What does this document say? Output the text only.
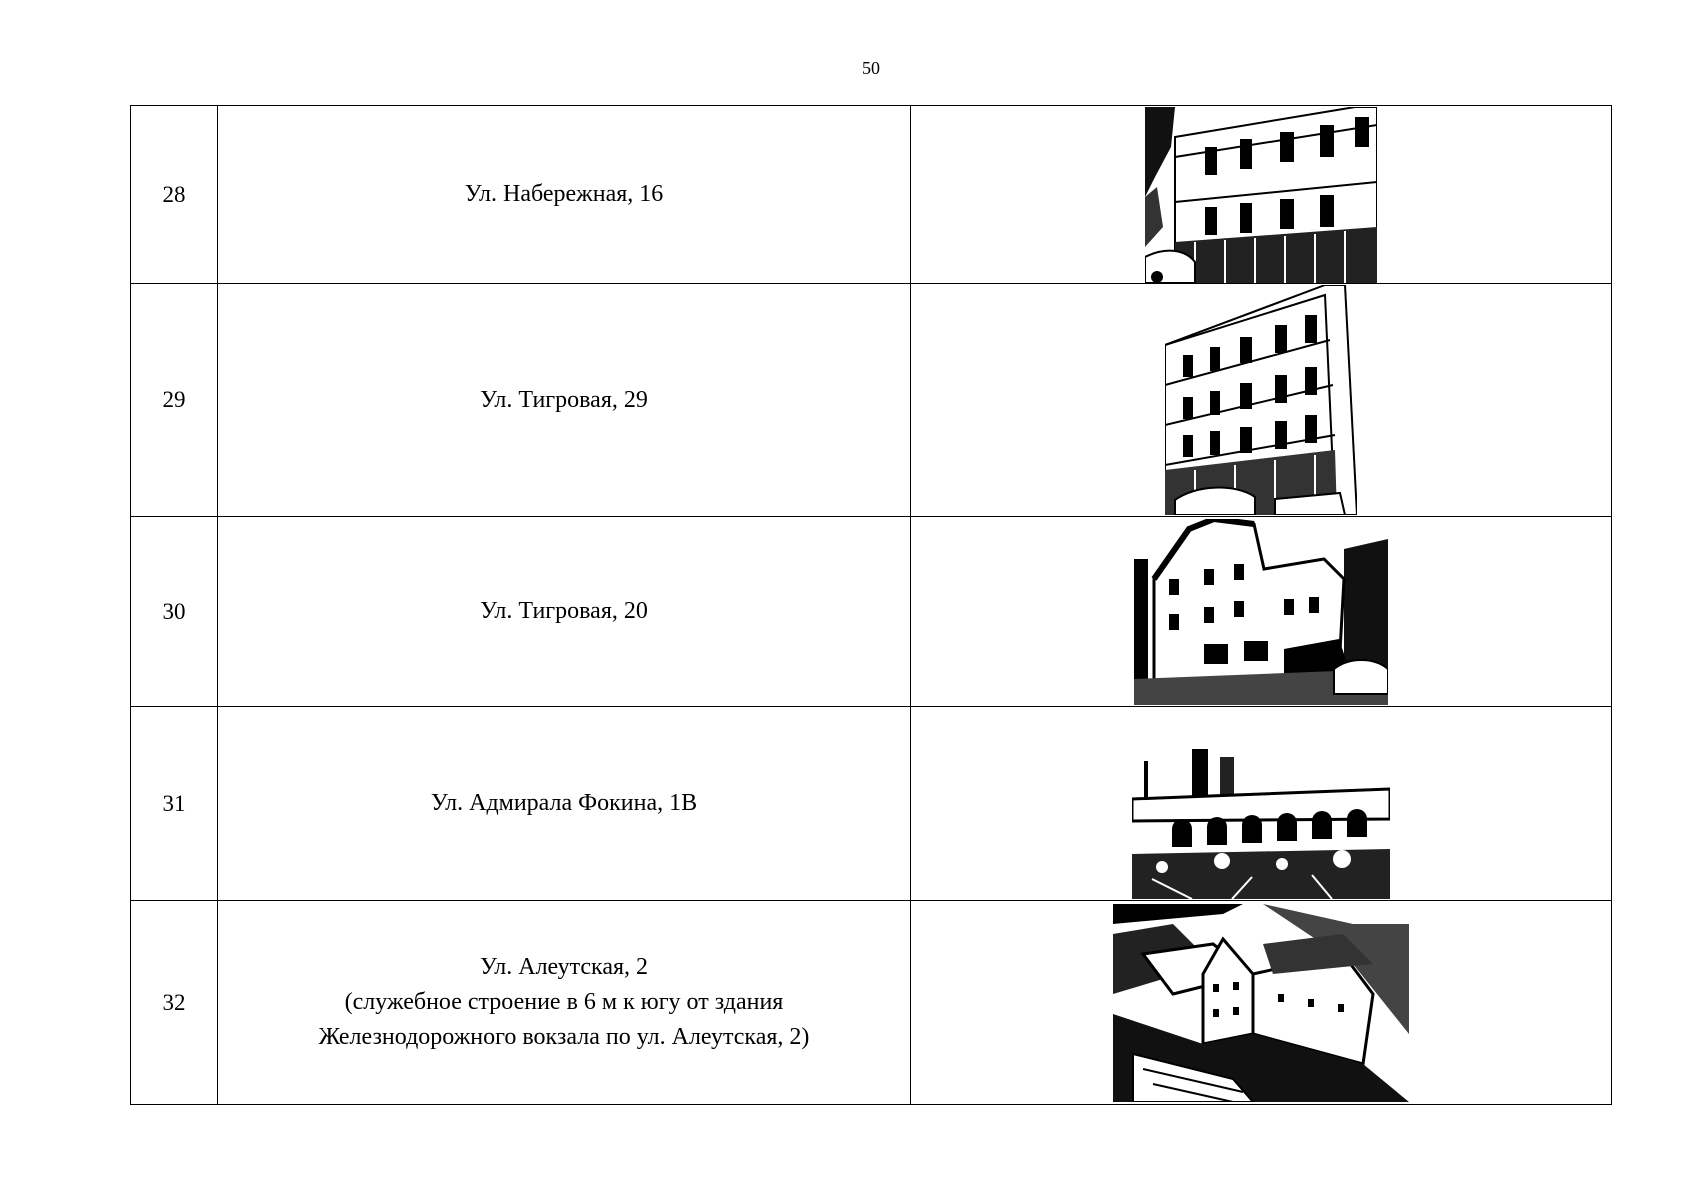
50
28	Ул. Набережная, 16

29	Ул. Тигровая, 29

30	Ул. Тигровая, 20

31	Ул. Адмирала Фокина, 1В

32	Ул. Алеутская, 2
(служебное строение в 6 м к югу от здания
Железнодорожного вокзала по ул. Алеутская, 2)
